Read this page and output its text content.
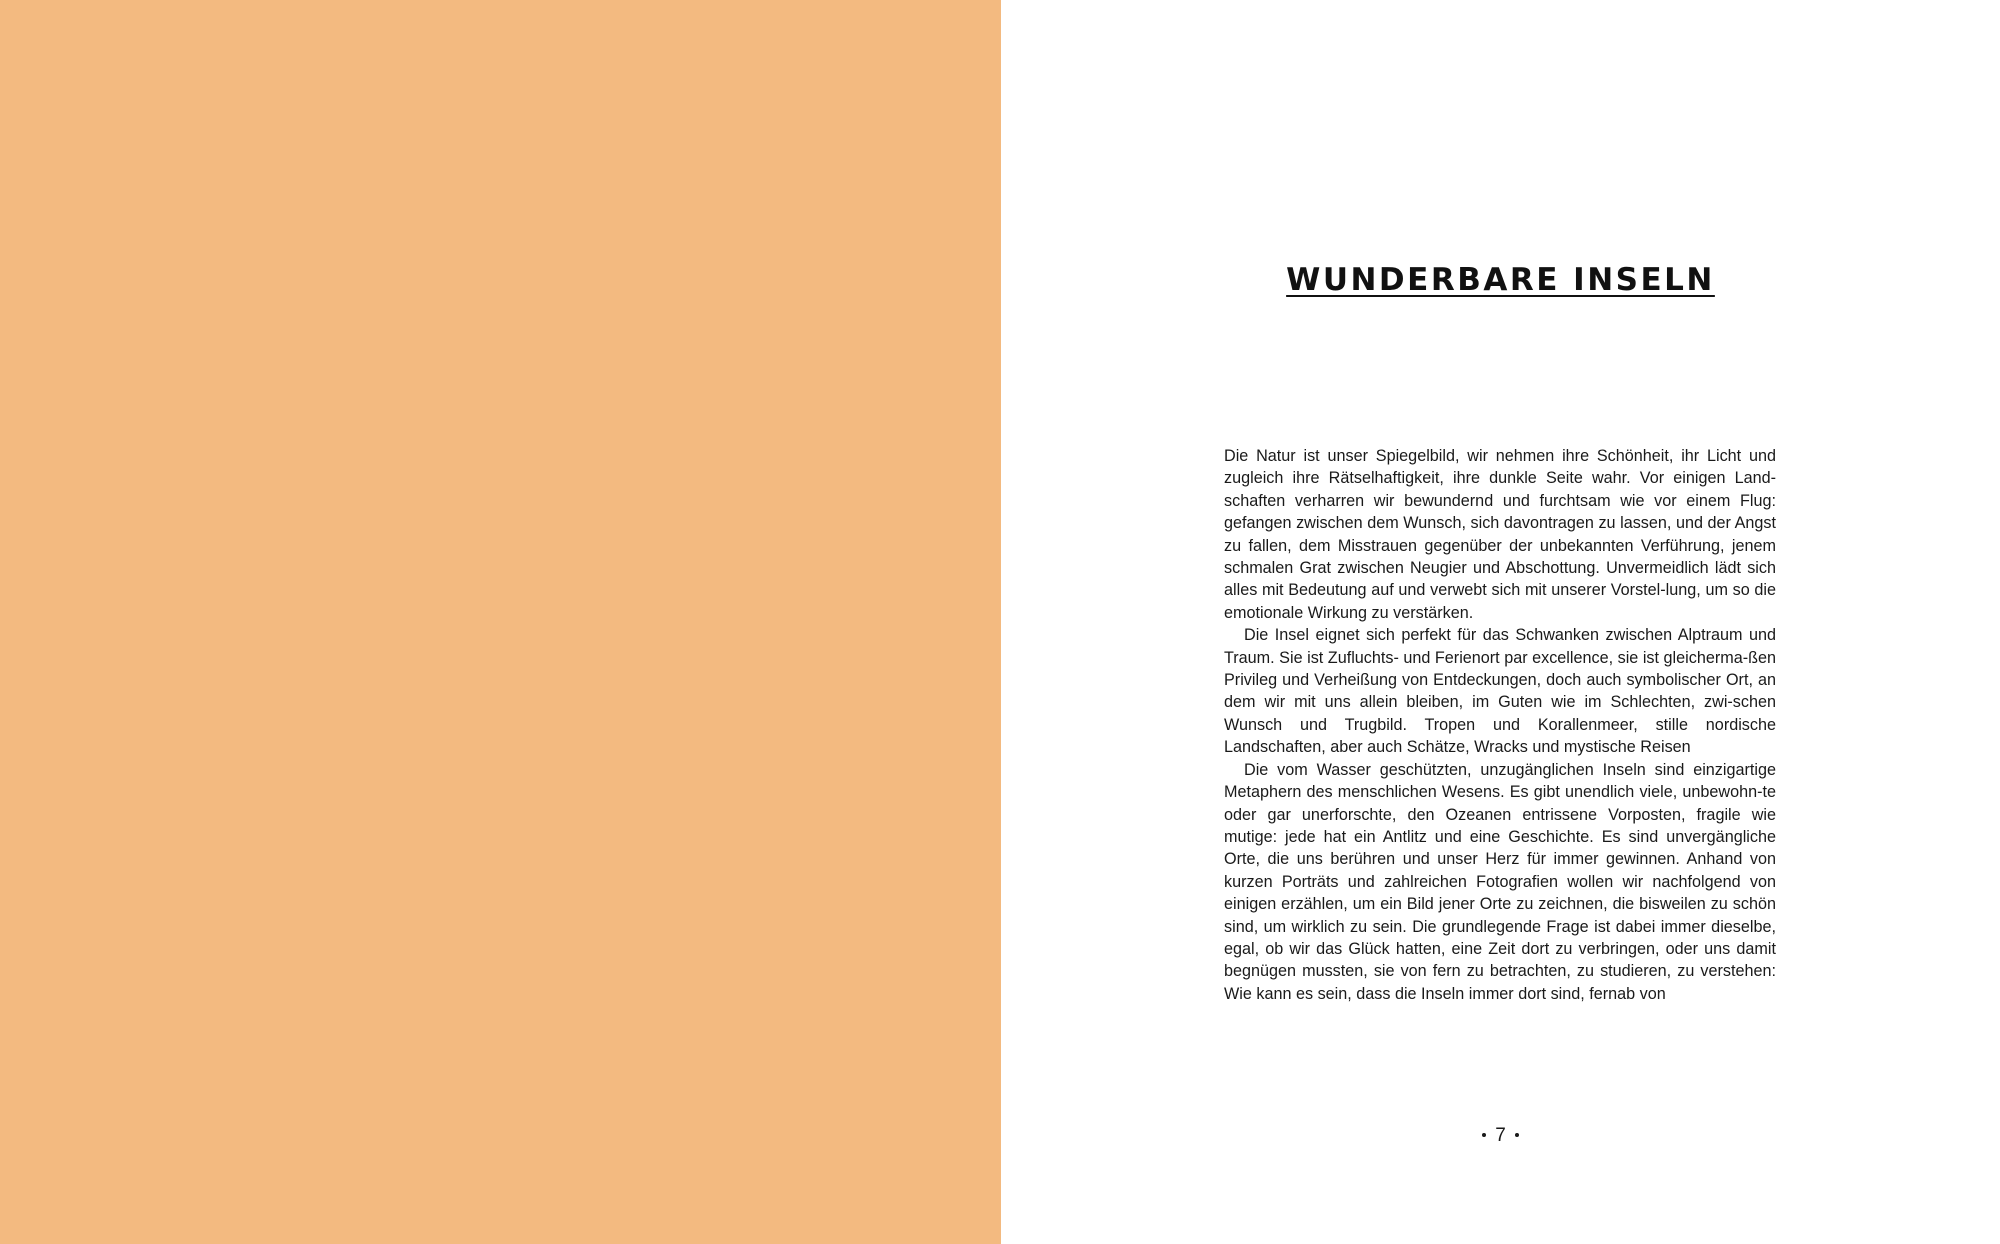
WUNDERBARE INSELN

Die Natur ist unser Spiegelbild, wir nehmen ihre Schönheit, ihr Licht und zugleich ihre Rätselhaftigkeit, ihre dunkle Seite wahr. Vor einigen Land-schaften verharren wir bewundernd und furchtsam wie vor einem Flug: gefangen zwischen dem Wunsch, sich davontragen zu lassen, und der Angst zu fallen, dem Misstrauen gegenüber der unbekannten Verführung, jenem schmalen Grat zwischen Neugier und Abschottung. Unvermeidlich lädt sich alles mit Bedeutung auf und verwebt sich mit unserer Vorstel-lung, um so die emotionale Wirkung zu verstärken.

Die Insel eignet sich perfekt für das Schwanken zwischen Alptraum und Traum. Sie ist Zufluchts- und Ferienort par excellence, sie ist gleicherma-ßen Privileg und Verheißung von Entdeckungen, doch auch symbolischer Ort, an dem wir mit uns allein bleiben, im Guten wie im Schlechten, zwi-schen Wunsch und Trugbild. Tropen und Korallenmeer, stille nordische Landschaften, aber auch Schätze, Wracks und mystische Reisen

Die vom Wasser geschützten, unzugänglichen Inseln sind einzigartige Metaphern des menschlichen Wesens. Es gibt unendlich viele, unbewohn-te oder gar unerforschte, den Ozeanen entrissene Vorposten, fragile wie mutige: jede hat ein Antlitz und eine Geschichte. Es sind unvergängliche Orte, die uns berühren und unser Herz für immer gewinnen. Anhand von kurzen Porträts und zahlreichen Fotografien wollen wir nachfolgend von einigen erzählen, um ein Bild jener Orte zu zeichnen, die bisweilen zu schön sind, um wirklich zu sein. Die grundlegende Frage ist dabei immer dieselbe, egal, ob wir das Glück hatten, eine Zeit dort zu verbringen, oder uns damit begnügen mussten, sie von fern zu betrachten, zu studieren, zu verstehen: Wie kann es sein, dass die Inseln immer dort sind, fernab von

7
